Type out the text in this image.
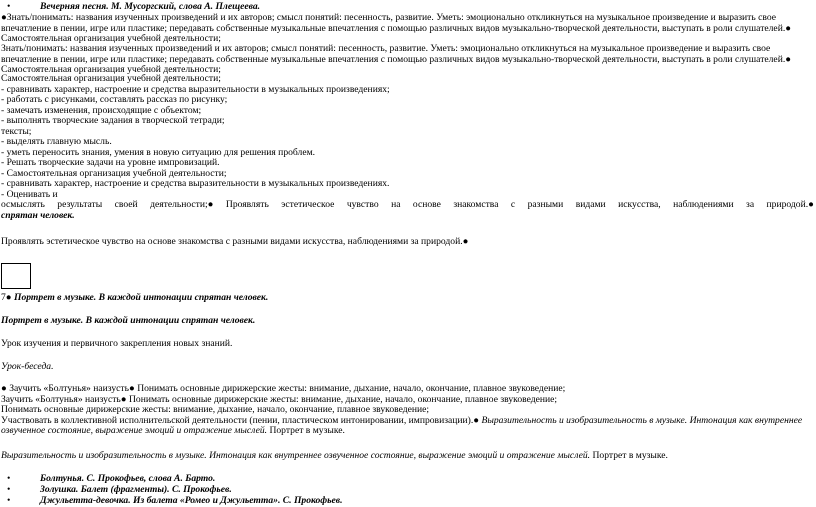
•	Вечерняя песня. М. Мусоргский, слова А. Плещеева.
●Знать/понимать: названия изученных произведений и их авторов; смысл понятий: песенность, развитие. Уметь: эмоционально откликнуться на музыкальное произведение и выразить свое впечатление в пении, игре или пластике; передавать собственные музыкальные впечатления с помощью различных видов музыкально-творческой деятельности, выступать в роли слушателей.● Самостоятельная организация учебной деятельности;
Знать/понимать: названия изученных произведений и их авторов; смысл понятий: песенность, развитие. Уметь: эмоционально откликнуться на музыкальное произведение и выразить свое впечатление в пении, игре или пластике; передавать собственные музыкальные впечатления с помощью различных видов музыкально-творческой деятельности, выступать в роли слушателей.● Самостоятельная организация учебной деятельности;
Самостоятельная организация учебной деятельности;
- сравнивать характер, настроение и средства выразительности в музыкальных произведениях;
- работать с рисунками, составлять рассказ по рисунку;
- замечать изменения, происходящие с объектом;
- выполнять творческие задания в творческой тетради;
тексты;
- выделять главную мысль.
- уметь переносить знания, умения в новую ситуацию для решения проблем.
- Решать творческие задачи на уровне импровизаций.
- Самостоятельная организация учебной деятельности;
- сравнивать характер, настроение и средства выразительности в музыкальных произведениях.
- Оценивать и
осмыслять результаты своей деятельности;● Проявлять эстетическое чувство на основе знакомства с разными видами искусства, наблюдениями за природой.●
спрятан человек.
Проявлять эстетическое чувство на основе знакомства с разными видами искусства, наблюдениями за природой.●
7● Портрет в музыке. В каждой интонации спрятан человек.
Портрет в музыке. В каждой интонации спрятан человек.
Урок изучения и первичного закрепления новых знаний.
Урок-беседа.
● Заучить «Болтунья» наизусть● Понимать основные дирижерские жесты: внимание, дыхание, начало, окончание, плавное звуковедение;
Заучить «Болтунья» наизусть● Понимать основные дирижерские жесты: внимание, дыхание, начало, окончание, плавное звуковедение;
Понимать основные дирижерские жесты: внимание, дыхание, начало, окончание, плавное звуковедение;
Участвовать в коллективной исполнительской деятельности (пении, пластическом интонировании, импровизации).● Выразительность и изобразительность в музыке. Интонация как внутреннее озвученное состояние, выражение эмоций и отражение мыслей. Портрет в музыке.
Выразительность и изобразительность в музыке. Интонация как внутреннее озвученное состояние, выражение эмоций и отражение мыслей. Портрет в музыке.
•	Болтунья. С. Прокофьев, слова А. Барто.
•	Золушка. Балет (фрагменты). С. Прокофьев.
•	Джульетта-девочка. Из балета «Ромео и Джульетта». С. Прокофьев.
